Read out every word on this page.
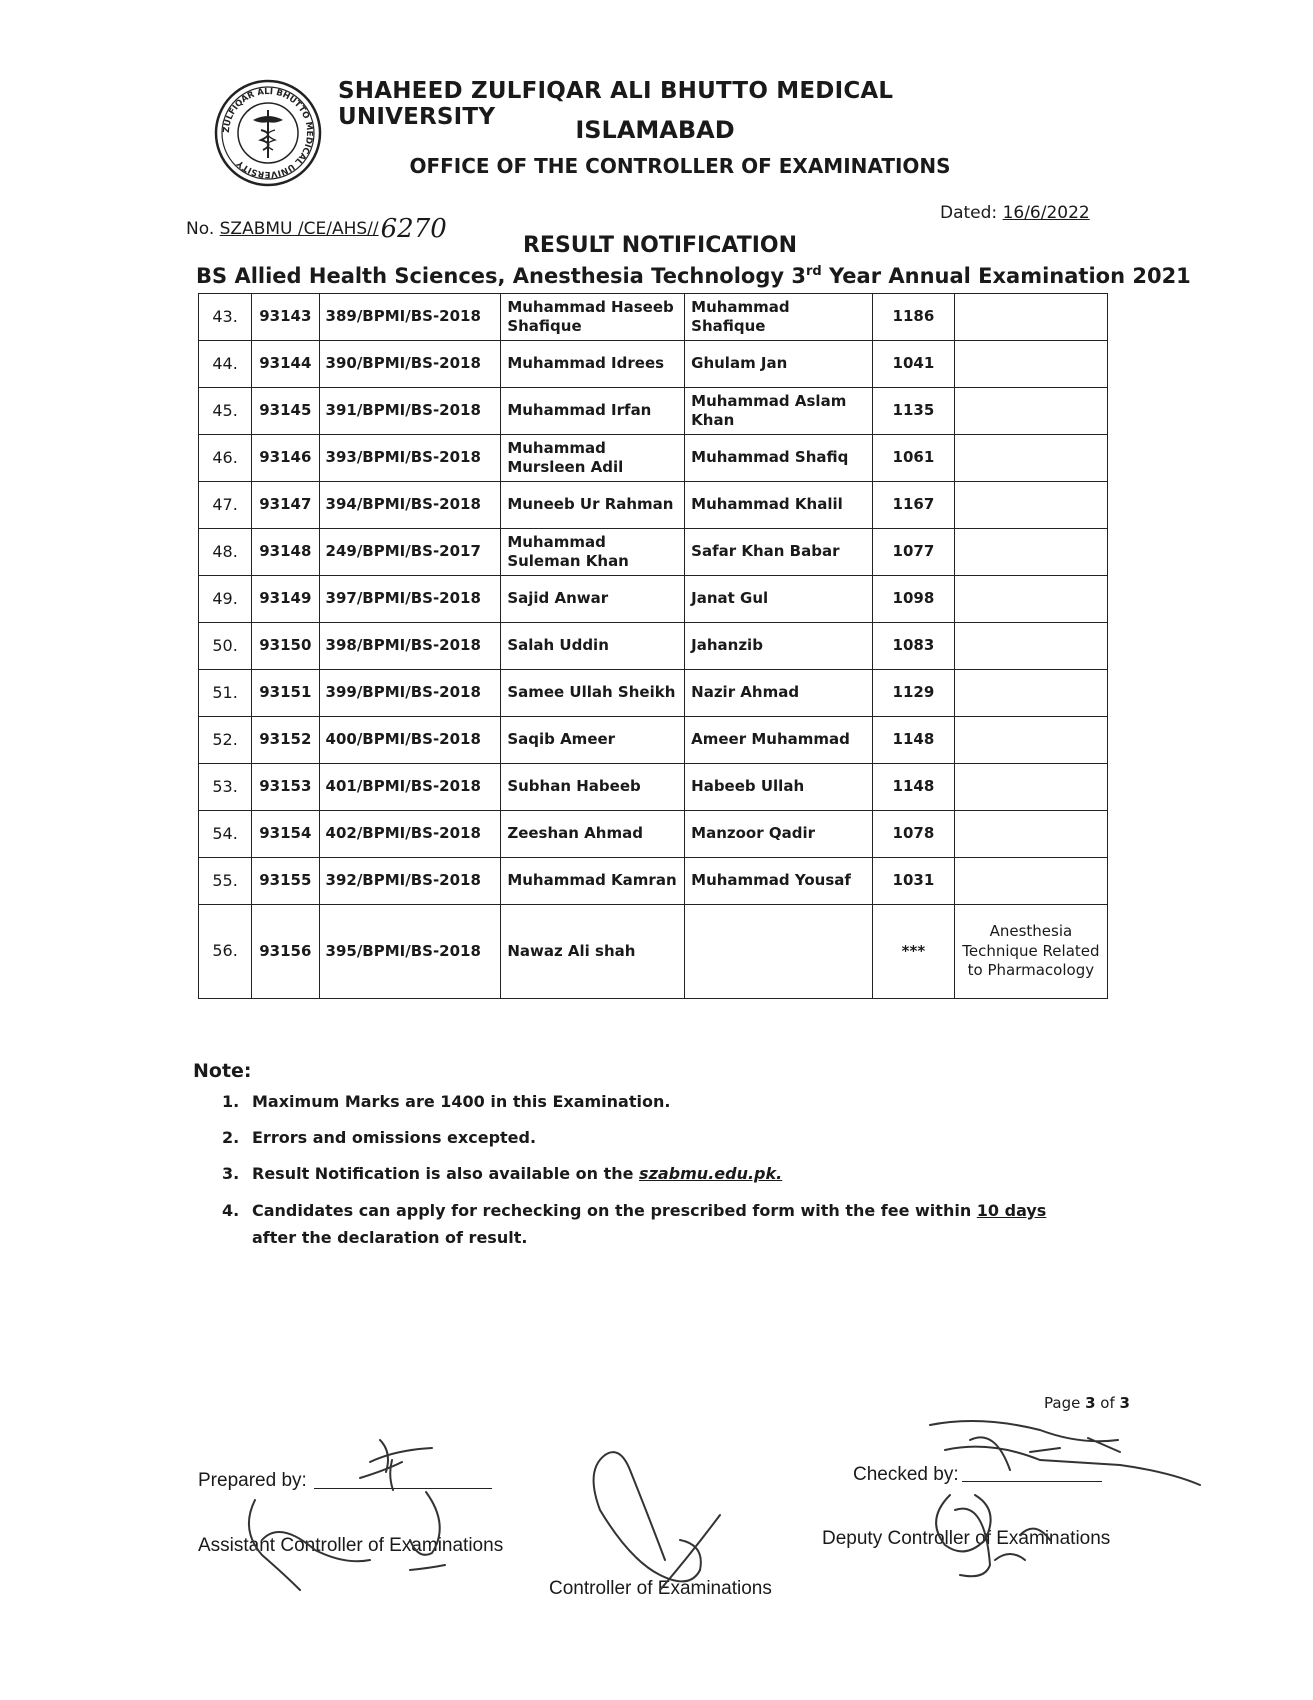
ZULFIQAR ALI BHUTTO MEDICAL UNIVERSITY
SHAHEED ZULFIQAR ALI BHUTTO MEDICAL UNIVERSITY	ISLAMABAD
OFFICE OF THE CONTROLLER OF EXAMINATIONS
No. SZABMU /CE/AHS//6270
Dated: 16/6/2022
RESULT NOTIFICATION
BS Allied Health Sciences, Anesthesia Technology 3rd Year Annual Examination 2021
43.	93143	389/BPMI/BS-2018	Muhammad Haseeb Shafique	Muhammad Shafique	1186	
44.	93144	390/BPMI/BS-2018	Muhammad Idrees	Ghulam Jan	1041	
45.	93145	391/BPMI/BS-2018	Muhammad Irfan	Muhammad Aslam Khan	1135	
46.	93146	393/BPMI/BS-2018	Muhammad Mursleen Adil	Muhammad Shafiq	1061	
47.	93147	394/BPMI/BS-2018	Muneeb Ur Rahman	Muhammad Khalil	1167	
48.	93148	249/BPMI/BS-2017	Muhammad Suleman Khan	Safar Khan Babar	1077	
49.	93149	397/BPMI/BS-2018	Sajid Anwar	Janat Gul	1098	
50.	93150	398/BPMI/BS-2018	Salah Uddin	Jahanzib	1083	
51.	93151	399/BPMI/BS-2018	Samee Ullah Sheikh	Nazir Ahmad	1129	
52.	93152	400/BPMI/BS-2018	Saqib Ameer	Ameer Muhammad	1148	
53.	93153	401/BPMI/BS-2018	Subhan Habeeb	Habeeb Ullah	1148	
54.	93154	402/BPMI/BS-2018	Zeeshan Ahmad	Manzoor Qadir	1078	
55.	93155	392/BPMI/BS-2018	Muhammad Kamran	Muhammad Yousaf	1031	
56.	93156	395/BPMI/BS-2018	Nawaz Ali shah		***	Anesthesia Technique Related to Pharmacology
Note:
1. Maximum Marks are 1400 in this Examination.
2. Errors and omissions excepted.
3. Result Notification is also available on the szabmu.edu.pk.
4. Candidates can apply for rechecking on the prescribed form with the fee within 10 days after the declaration of result.
Page 3 of 3
Prepared by:
Assistant Controller of Examinations
Controller of Examinations
Checked by:
Deputy Controller of Examinations
